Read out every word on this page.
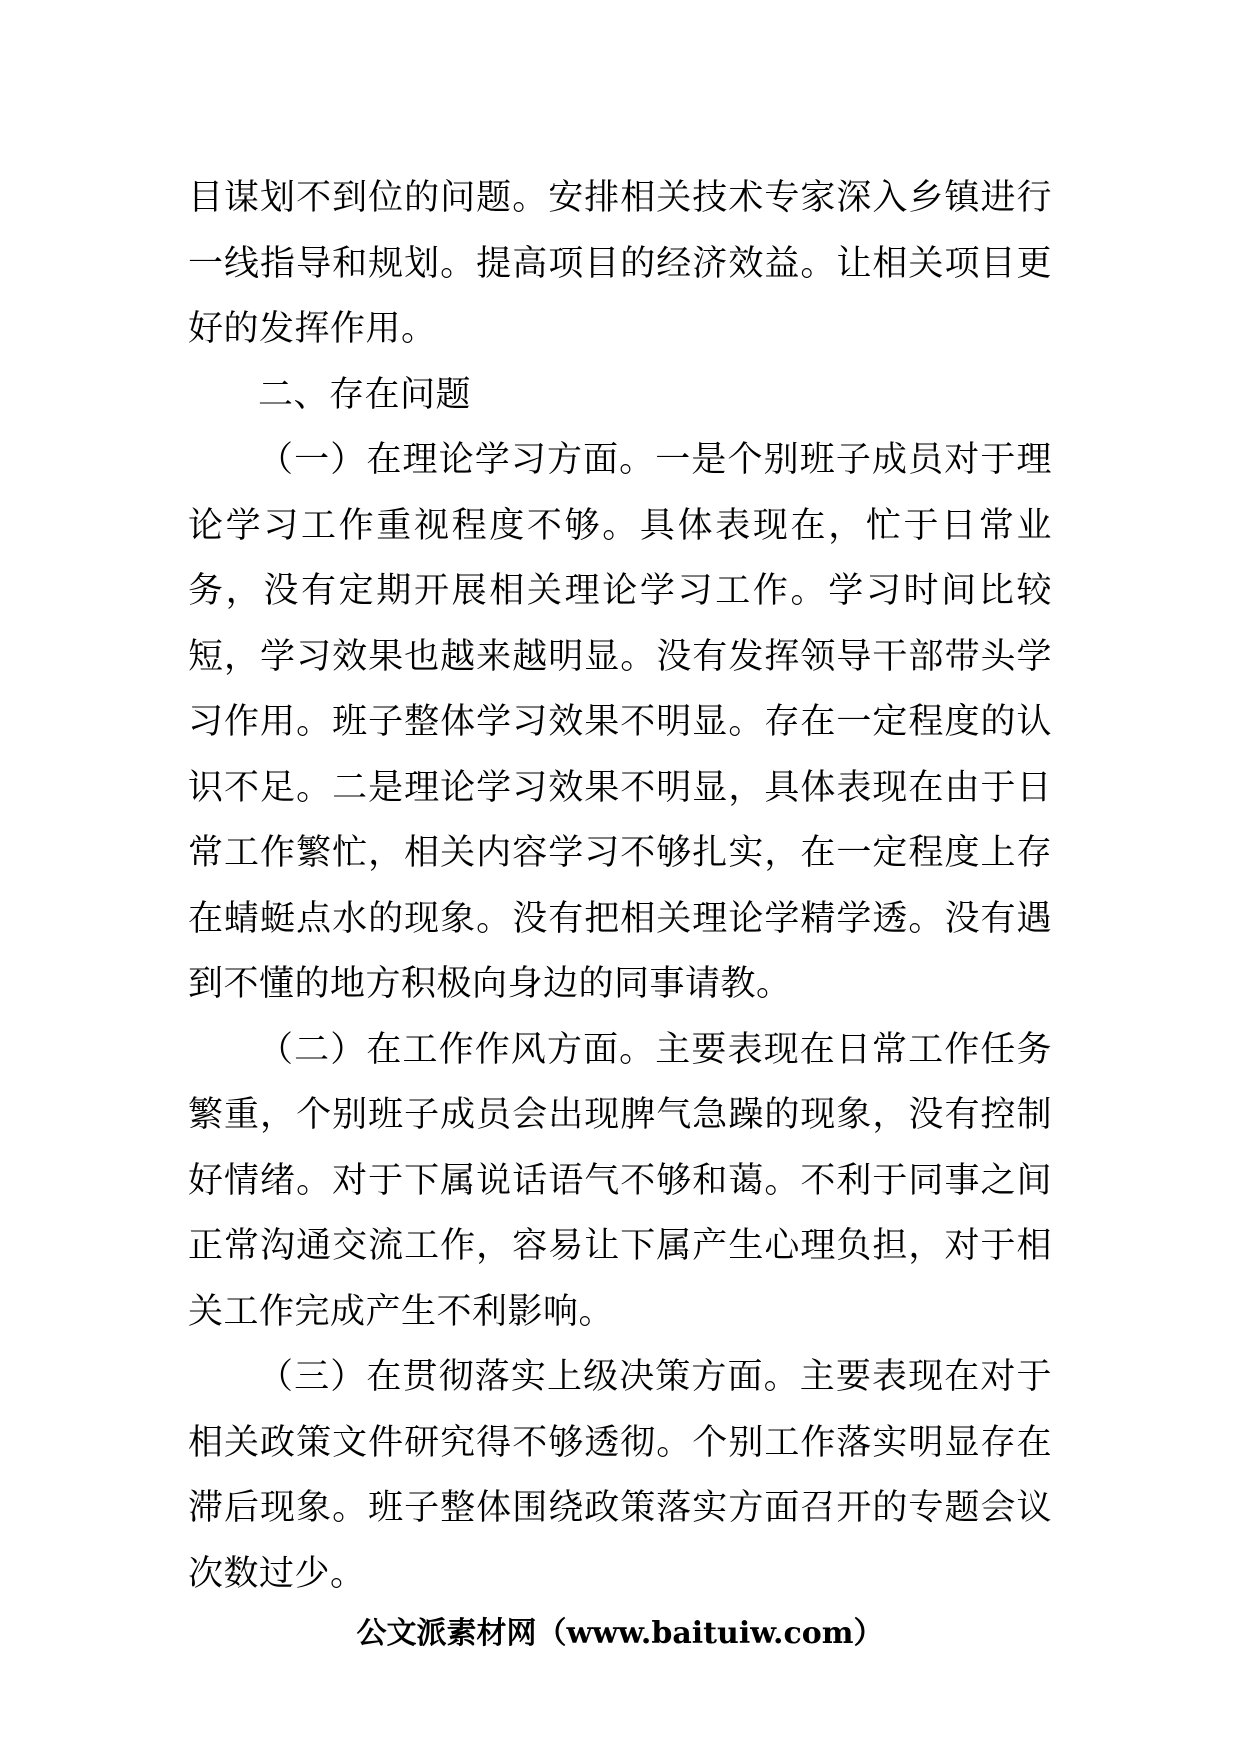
目谋划不到位的问题。安排相关技术专家深入乡镇进行一线指导和规划。提高项目的经济效益。让相关项目更好的发挥作用。

二、存在问题

（一）在理论学习方面。一是个别班子成员对于理论学习工作重视程度不够。具体表现在，忙于日常业务，没有定期开展相关理论学习工作。学习时间比较短，学习效果也越来越明显。没有发挥领导干部带头学习作用。班子整体学习效果不明显。存在一定程度的认识不足。二是理论学习效果不明显，具体表现在由于日常工作繁忙，相关内容学习不够扎实，在一定程度上存在蜻蜓点水的现象。没有把相关理论学精学透。没有遇到不懂的地方积极向身边的同事请教。

（二）在工作作风方面。主要表现在日常工作任务繁重，个别班子成员会出现脾气急躁的现象，没有控制好情绪。对于下属说话语气不够和蔼。不利于同事之间正常沟通交流工作，容易让下属产生心理负担，对于相关工作完成产生不利影响。

（三）在贯彻落实上级决策方面。主要表现在对于相关政策文件研究得不够透彻。个别工作落实明显存在滞后现象。班子整体围绕政策落实方面召开的专题会议次数过少。

公文派素材网（www.baituiw.com）
